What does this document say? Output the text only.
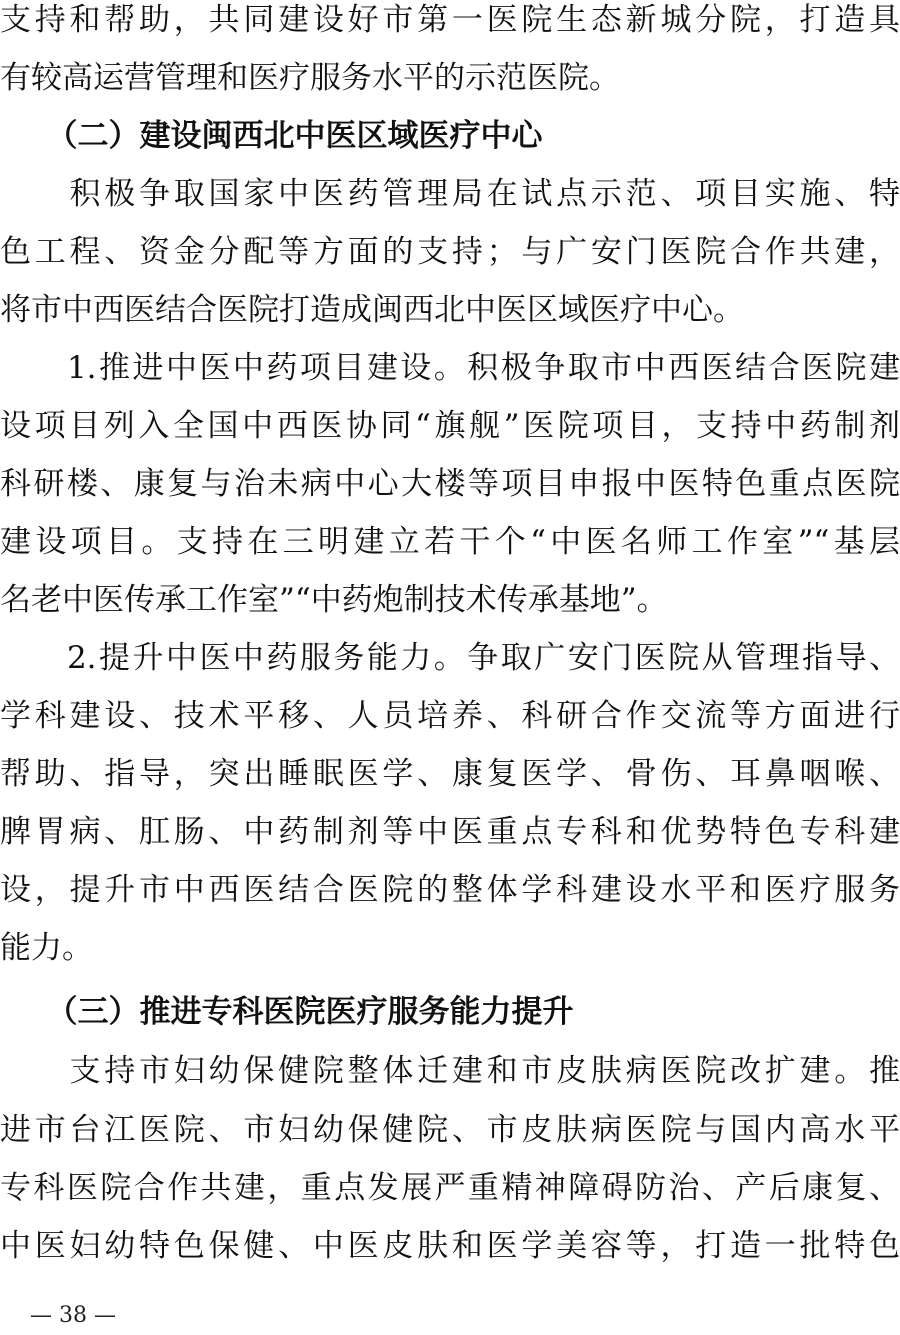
支持和帮助，共同建设好市第一医院生态新城分院，打造具
有较高运营管理和医疗服务水平的示范医院。
　　（二）建设闽西北中医区域医疗中心
　　积极争取国家中医药管理局在试点示范、项目实施、特
色工程、资金分配等方面的支持；与广安门医院合作共建，
将市中西医结合医院打造成闽西北中医区域医疗中心。
　　1.推进中医中药项目建设。积极争取市中西医结合医院建
设项目列入全国中西医协同“旗舰”医院项目，支持中药制剂
科研楼、康复与治未病中心大楼等项目申报中医特色重点医院
建设项目。支持在三明建立若干个“中医名师工作室”“基层
名老中医传承工作室”“中药炮制技术传承基地”。
　　2.提升中医中药服务能力。争取广安门医院从管理指导、
学科建设、技术平移、人员培养、科研合作交流等方面进行
帮助、指导，突出睡眠医学、康复医学、骨伤、耳鼻咽喉、
脾胃病、肛肠、中药制剂等中医重点专科和优势特色专科建
设，提升市中西医结合医院的整体学科建设水平和医疗服务
能力。
　　（三）推进专科医院医疗服务能力提升
　　支持市妇幼保健院整体迁建和市皮肤病医院改扩建。推
进市台江医院、市妇幼保健院、市皮肤病医院与国内高水平
专科医院合作共建，重点发展严重精神障碍防治、产后康复、
中医妇幼特色保健、中医皮肤和医学美容等，打造一批特色
— 38 —
